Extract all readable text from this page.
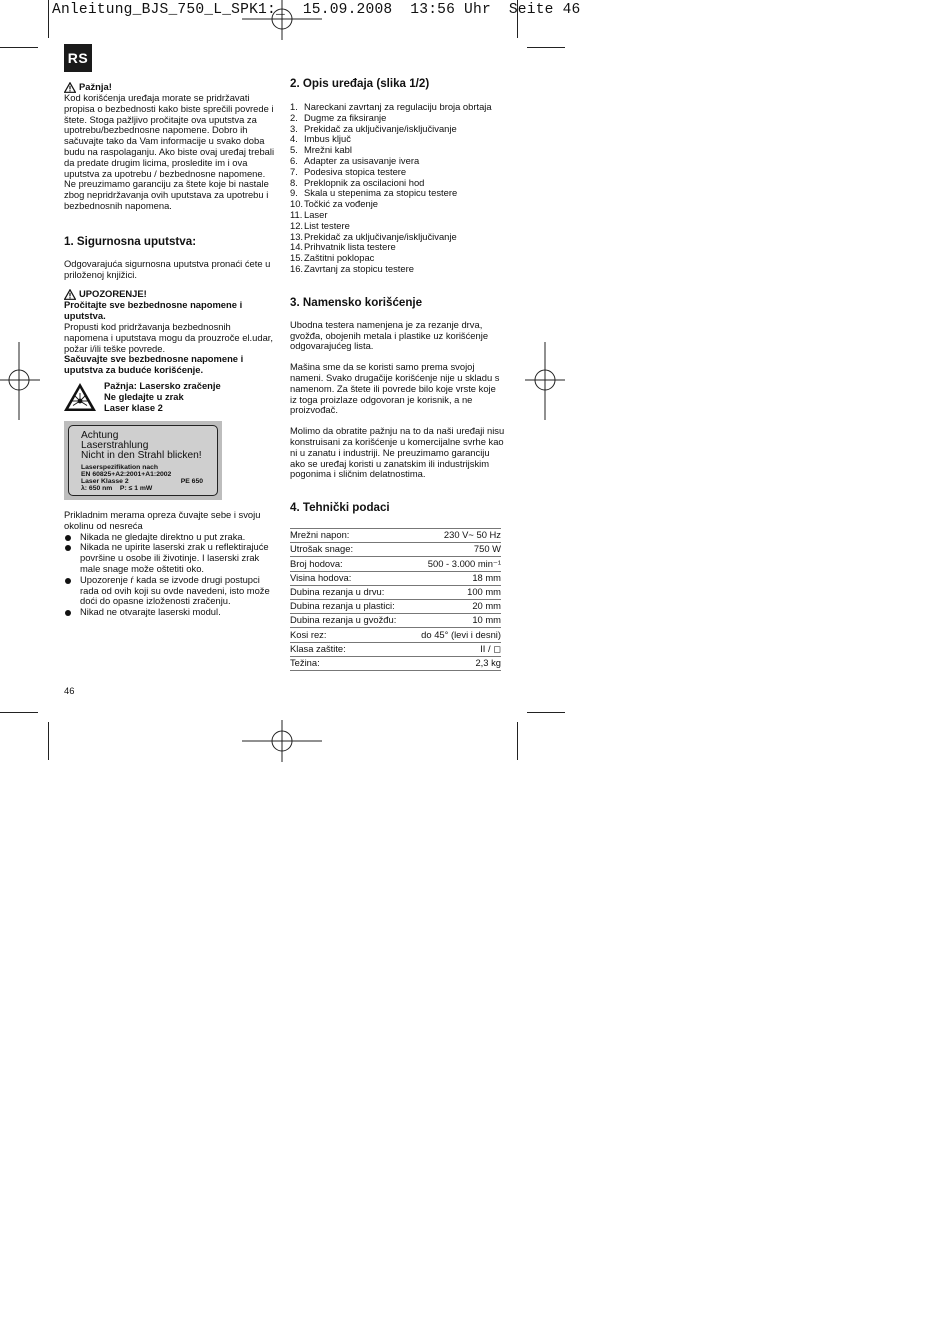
Anleitung_BJS_750_L_SPK1:_  15.09.2008  13:56 Uhr  Seite 46
RS
Pažnja!

Kod korišćenja uređaja morate se pridržavati propisa o bezbednosti kako biste sprečili povrede i štete. Stoga pažljivo pročitajte ova uputstva za upotrebu/bezbednosne napomene. Dobro ih sačuvajte tako da Vam informacije u svako doba budu na raspolaganju. Ako biste ovaj uređaj trebali da predate drugim licima, prosledite im i ova uputstva za upotrebu / bezbednosne napomene. Ne preuzimamo garanciju za štete koje bi nastale zbog nepridržavanja ovih uputstava za upotrebu i bezbednosnih napomena.

1. Sigurnosna uputstva:

Odgovarajuća sigurnosna uputstva pronaći ćete u priloženoj knjižici.

UPOZORENJE!

Pročitajte sve bezbednosne napomene i uputstva.

Propusti kod pridržavanja bezbednosnih napomena i uputstava mogu da prouzroče el.udar, požar i/ili teške povrede.

Sačuvajte sve bezbednosne napomene i uputstva za buduće korišćenje.

Pažnja: Lasersko zračenje

Ne gledajte u zrak

Laser klase 2

Achtung
Laserstrahlung
Nicht in den Strahl blicken!
Laserspezifikation nach
EN 60825+A2:2001+A1:2002
Laser Klasse 2	PE 650
λ: 650 nm    P: ≤ 1 mW

Prikladnim merama opreza čuvajte sebe i svoju okolinu od nesreća

Nikada ne gledajte direktno u put zraka.
Nikada ne upirite laserski zrak u reflektirajuće površine u osobe ili životinje. I laserski zrak male snage može oštetiti oko.
Upozorenje ŕ kada se izvode drugi postupci rada od ovih koji su ovde navedeni, isto može doći do opasne izloženosti zračenju.
Nikad ne otvarajte laserski modul.
46
2. Opis uređaja (slika 1/2)
1. Nareckani zavrtanj za regulaciju broja obrtaja
2. Dugme za fiksiranje
3. Prekidač za uključivanje/isključivanje
4. Imbus ključ
5. Mrežni kabl
6. Adapter za usisavanje ivera
7. Podesiva stopica testere
8. Preklopnik za oscilacioni hod
9. Skala u stepenima za stopicu testere
10. Točkić za vođenje
11. Laser
12. List testere
13. Prekidač za uključivanje/isključivanje
14. Prihvatnik lista testere
15. Zaštitni poklopac
16. Zavrtanj za stopicu testere
3. Namensko korišćenje

Ubodna testera namenjena je za rezanje drva, gvožđa, obojenih metala i plastike uz korišćenje odgovarajućeg lista.

Mašina sme da se koristi samo prema svojoj nameni. Svako drugačije korišćenje nije u skladu s namenom. Za štete ili povrede bilo koje vrste koje iz toga proizlaze odgovoran je korisnik, a ne proizvođač.

Molimo da obratite pažnju na to da naši uređaji nisu konstruisani za korišćenje u komercijalne svrhe kao ni u zanatu i industriji. Ne preuzimamo garanciju ako se uređaj koristi u zanatskim ili industrijskim pogonima i sličnim delatnostima.

4. Tehnički podaci
Mrežni napon:	230 V~ 50 Hz
Utrošak snage:	750 W
Broj hodova:	500 - 3.000 min⁻¹
Visina hodova:	18 mm
Dubina rezanja u drvu:	100 mm
Dubina rezanja u plastici:	20 mm
Dubina rezanja u gvožđu:	10 mm
Kosi rez:	do 45° (levi i desni)
Klasa zaštite:	II / ◻
Težina:	2,3 kg
